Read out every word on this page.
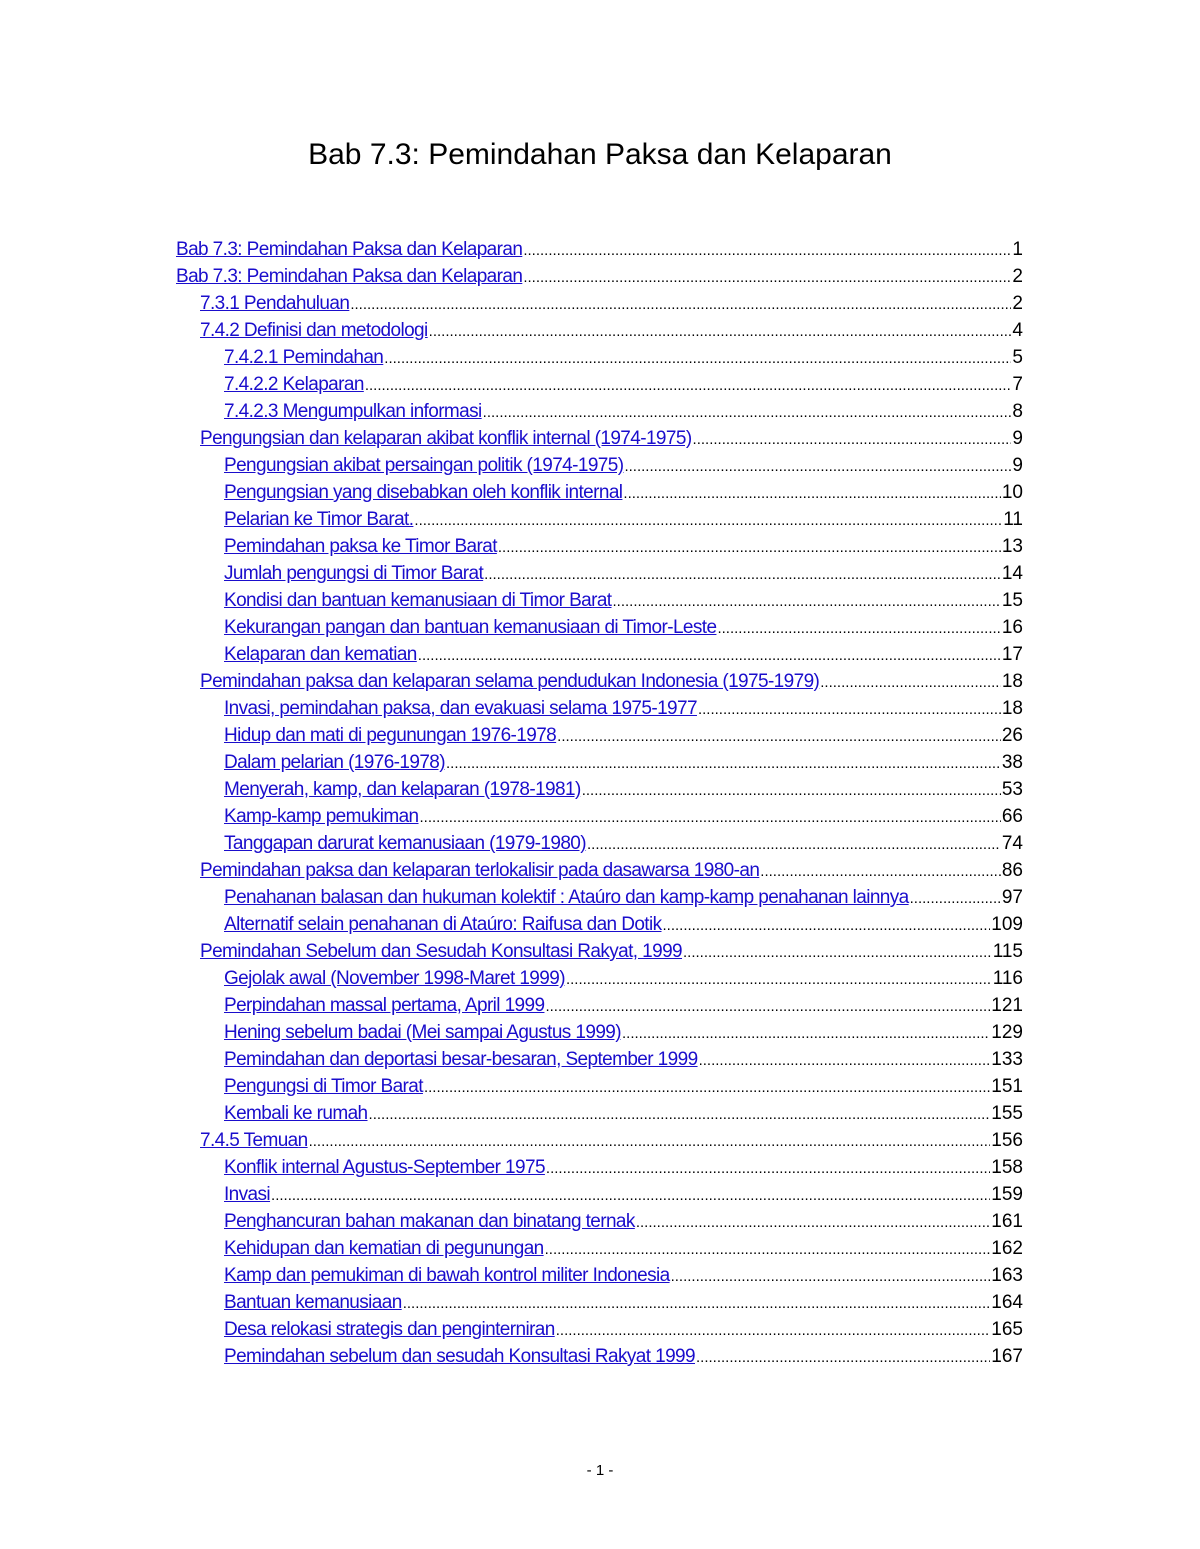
Bab 7.3: Pemindahan Paksa dan Kelaparan
Bab 7.3: Pemindahan Paksa dan Kelaparan .....	1
Bab 7.3: Pemindahan Paksa dan Kelaparan .....	2
7.3.1 Pendahuluan .....	2
7.4.2 Definisi dan metodologi .....	4
7.4.2.1 Pemindahan .....	5
7.4.2.2 Kelaparan .....	7
7.4.2.3 Mengumpulkan informasi .....	8
Pengungsian dan kelaparan akibat konflik internal (1974-1975) .....	9
Pengungsian akibat persaingan politik (1974-1975) .....	9
Pengungsian yang disebabkan oleh konflik internal .....	10
Pelarian ke Timor Barat. .....	11
Pemindahan paksa ke Timor Barat .....	13
Jumlah pengungsi di Timor Barat .....	14
Kondisi dan bantuan kemanusiaan di Timor Barat .....	15
Kekurangan pangan dan bantuan kemanusiaan di Timor-Leste .....	16
Kelaparan dan kematian .....	17
Pemindahan paksa dan kelaparan selama pendudukan Indonesia (1975-1979) .....	18
Invasi, pemindahan paksa, dan evakuasi selama 1975-1977 .....	18
Hidup dan mati di pegunungan 1976-1978 .....	26
Dalam pelarian (1976-1978) .....	38
Menyerah, kamp, dan kelaparan (1978-1981) .....	53
Kamp-kamp pemukiman .....	66
Tanggapan darurat kemanusiaan (1979-1980) .....	74
Pemindahan paksa dan kelaparan terlokalisir pada dasawarsa 1980-an .....	86
Penahanan balasan dan hukuman kolektif : Ataúro dan kamp-kamp penahanan lainnya .....	97
Alternatif selain penahanan di Ataúro: Raifusa dan Dotik .....	109
Pemindahan Sebelum dan Sesudah Konsultasi Rakyat, 1999 .....	115
Gejolak awal (November 1998-Maret 1999) .....	116
Perpindahan massal pertama, April 1999 .....	121
Hening sebelum badai (Mei sampai Agustus 1999) .....	129
Pemindahan dan deportasi besar-besaran, September 1999 .....	133
Pengungsi di Timor Barat .....	151
Kembali ke rumah .....	155
7.4.5 Temuan .....	156
Konflik internal Agustus-September 1975 .....	158
Invasi .....	159
Penghancuran bahan makanan dan binatang ternak .....	161
Kehidupan dan kematian di pegunungan .....	162
Kamp dan pemukiman di bawah kontrol militer Indonesia .....	163
Bantuan kemanusiaan .....	164
Desa relokasi strategis dan penginterniran .....	165
Pemindahan sebelum dan sesudah Konsultasi Rakyat 1999 .....	167
- 1 -
